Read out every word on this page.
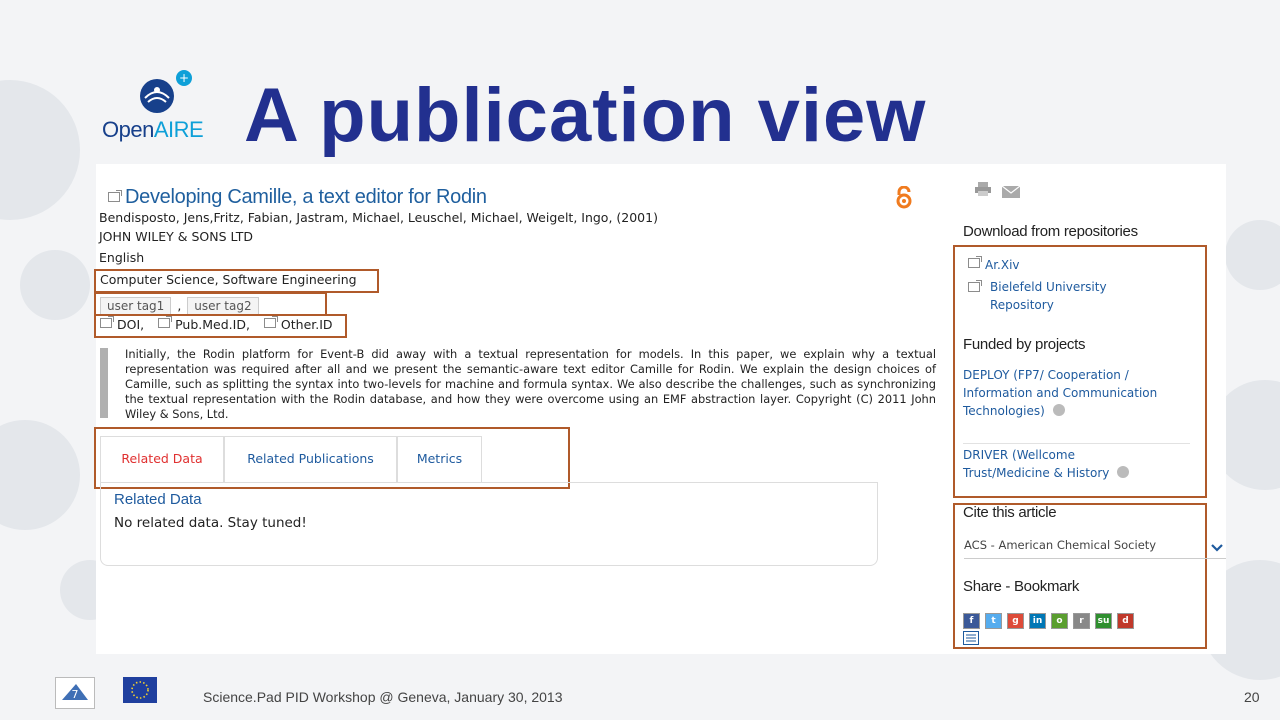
+
OpenAIRE A publication view
Developing Camille, a text editor for Rodin
Bendisposto, Jens,Fritz, Fabian, Jastram, Michael, Leuschel, Michael, Weigelt, Ingo, (2001)
JOHN WILEY & SONS LTD
English
Computer Science, Software Engineering
user tag1 , user tag2
DOI, Pub.Med.ID, Other.ID
Initially, the Rodin platform for Event-B did away with a textual representation for models. In this paper, we explain why a textual representation was required after all and we present the semantic-aware text editor Camille for Rodin. We explain the design choices of Camille, such as splitting the syntax into two-levels for machine and formula syntax. We also describe the challenges, such as synchronizing the textual representation with the Rodin database, and how they were overcome using an EMF abstraction layer. Copyright (C) 2011 John Wiley & Sons, Ltd.
Related Data	Related Publications	Metrics
Related Data
No related data. Stay tuned!
Download from repositories
Ar.Xiv
Bielefeld University Repository
Funded by projects
DEPLOY (FP7/ Cooperation / Information and Communication Technologies)
DRIVER (Wellcome Trust/Medicine & History
Cite this article
ACS - American Chemical Society
Share - Bookmark
f t g in o r su d
7	Science.Pad PID Workshop @ Geneva, January 30, 2013	20
